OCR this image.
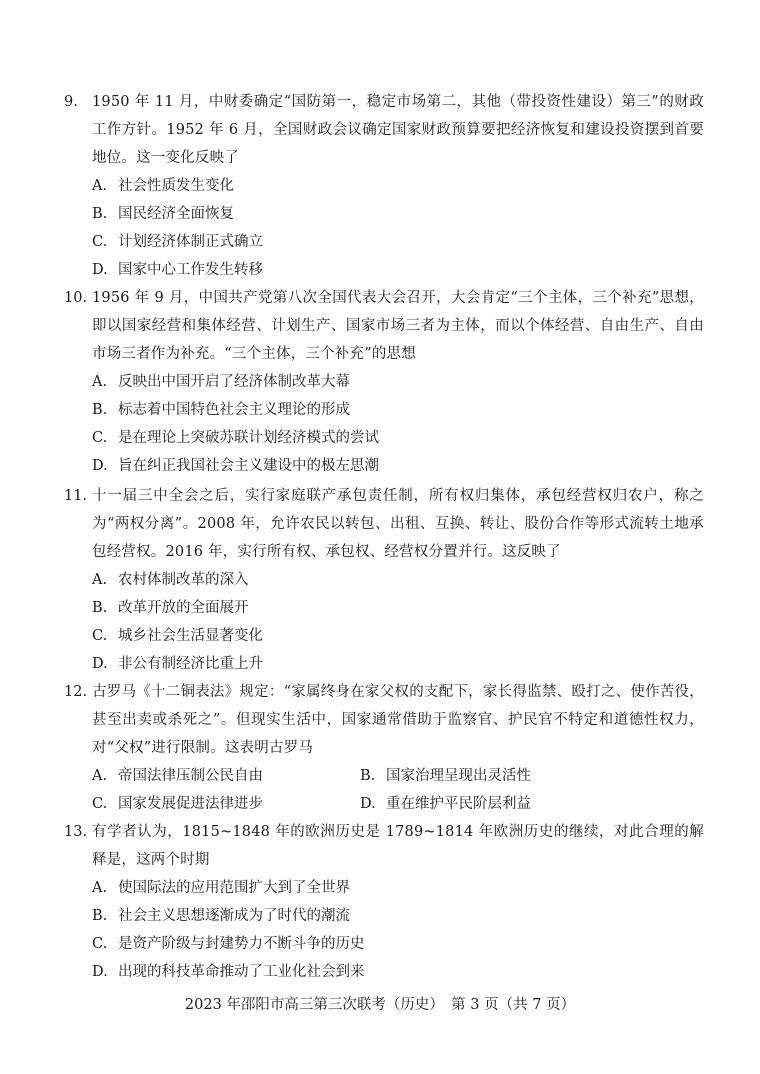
9. 1950 年 11 月，中财委确定“国防第一，稳定市场第二，其他（带投资性建设）第三”的财政工作方针。1952 年 6 月，全国财政会议确定国家财政预算要把经济恢复和建设投资摆到首要地位。这一变化反映了
A. 社会性质发生变化
B. 国民经济全面恢复
C. 计划经济体制正式确立
D. 国家中心工作发生转移
10. 1956 年 9 月，中国共产党第八次全国代表大会召开，大会肯定“三个主体，三个补充”思想，即以国家经营和集体经营、计划生产、国家市场三者为主体，而以个体经营、自由生产、自由市场三者作为补充。“三个主体，三个补充”的思想
A. 反映出中国开启了经济体制改革大幕
B. 标志着中国特色社会主义理论的形成
C. 是在理论上突破苏联计划经济模式的尝试
D. 旨在纠正我国社会主义建设中的极左思潮
11. 十一届三中全会之后，实行家庭联产承包责任制，所有权归集体，承包经营权归农户，称之为“两权分离”。2008 年，允许农民以转包、出租、互换、转让、股份合作等形式流转土地承包经营权。2016 年，实行所有权、承包权、经营权分置并行。这反映了
A. 农村体制改革的深入
B. 改革开放的全面展开
C. 城乡社会生活显著变化
D. 非公有制经济比重上升
12. 古罗马《十二铜表法》规定：“家属终身在家父权的支配下，家长得监禁、殴打之、使作苦役，甚至出卖或杀死之”。但现实生活中，国家通常借助于监察官、护民官不特定和道德性权力，对“父权”进行限制。这表明古罗马
A. 帝国法律压制公民自由	B. 国家治理呈现出灵活性
C. 国家发展促进法律进步	D. 重在维护平民阶层利益
13. 有学者认为，1815~1848 年的欧洲历史是 1789~1814 年欧洲历史的继续，对此合理的解释是，这两个时期
A. 使国际法的应用范围扩大到了全世界
B. 社会主义思想逐渐成为了时代的潮流
C. 是资产阶级与封建势力不断斗争的历史
D. 出现的科技革命推动了工业化社会到来
2023 年邵阳市高三第三次联考（历史）　第 3 页（共 7 页）
